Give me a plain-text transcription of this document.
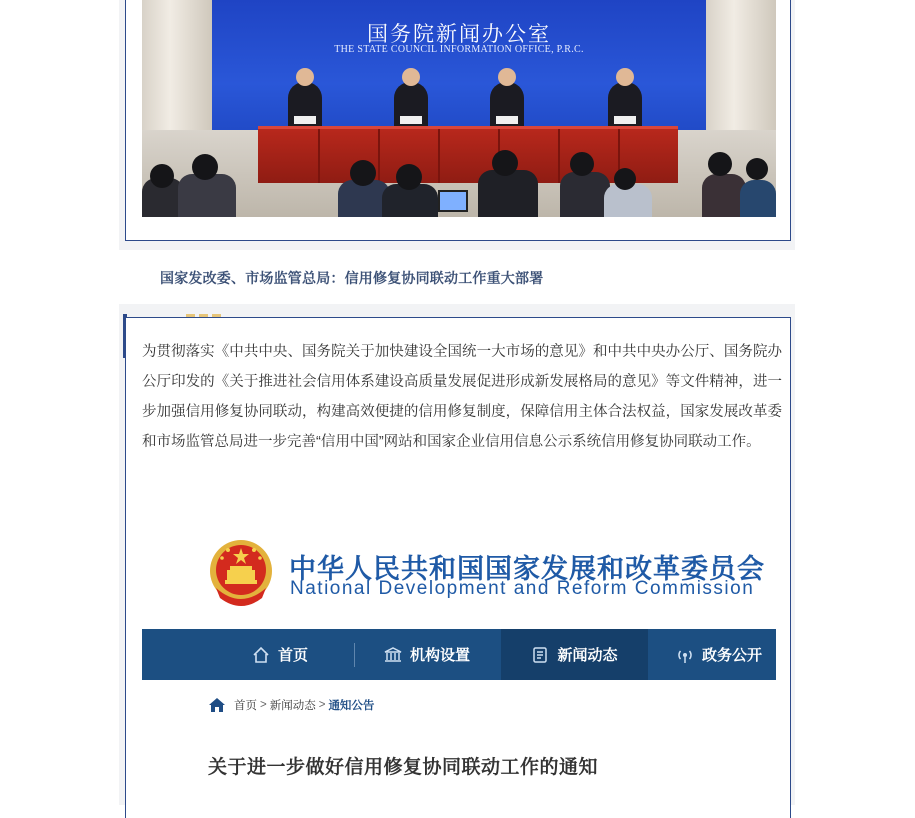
国务院新闻办公室
THE STATE COUNCIL INFORMATION OFFICE, P.R.C.
国家发改委、市场监管总局：信用修复协同联动工作重大部署
为贯彻落实《中共中央、国务院关于加快建设全国统一大市场的意见》和中共中央办公厅、国务院办公厅印发的《关于推进社会信用体系建设高质量发展促进形成新发展格局的意见》等文件精神，进一步加强信用修复协同联动，构建高效便捷的信用修复制度，保障信用主体合法权益，国家发展改革委和市场监管总局进一步完善“信用中国”网站和国家企业信用信息公示系统信用修复协同联动工作。
中华人民共和国国家发展和改革委员会
National Development and Reform Commission
首页	机构设置	新闻动态	政务公开
首页 > 新闻动态 > 通知公告
关于进一步做好信用修复协同联动工作的通知
